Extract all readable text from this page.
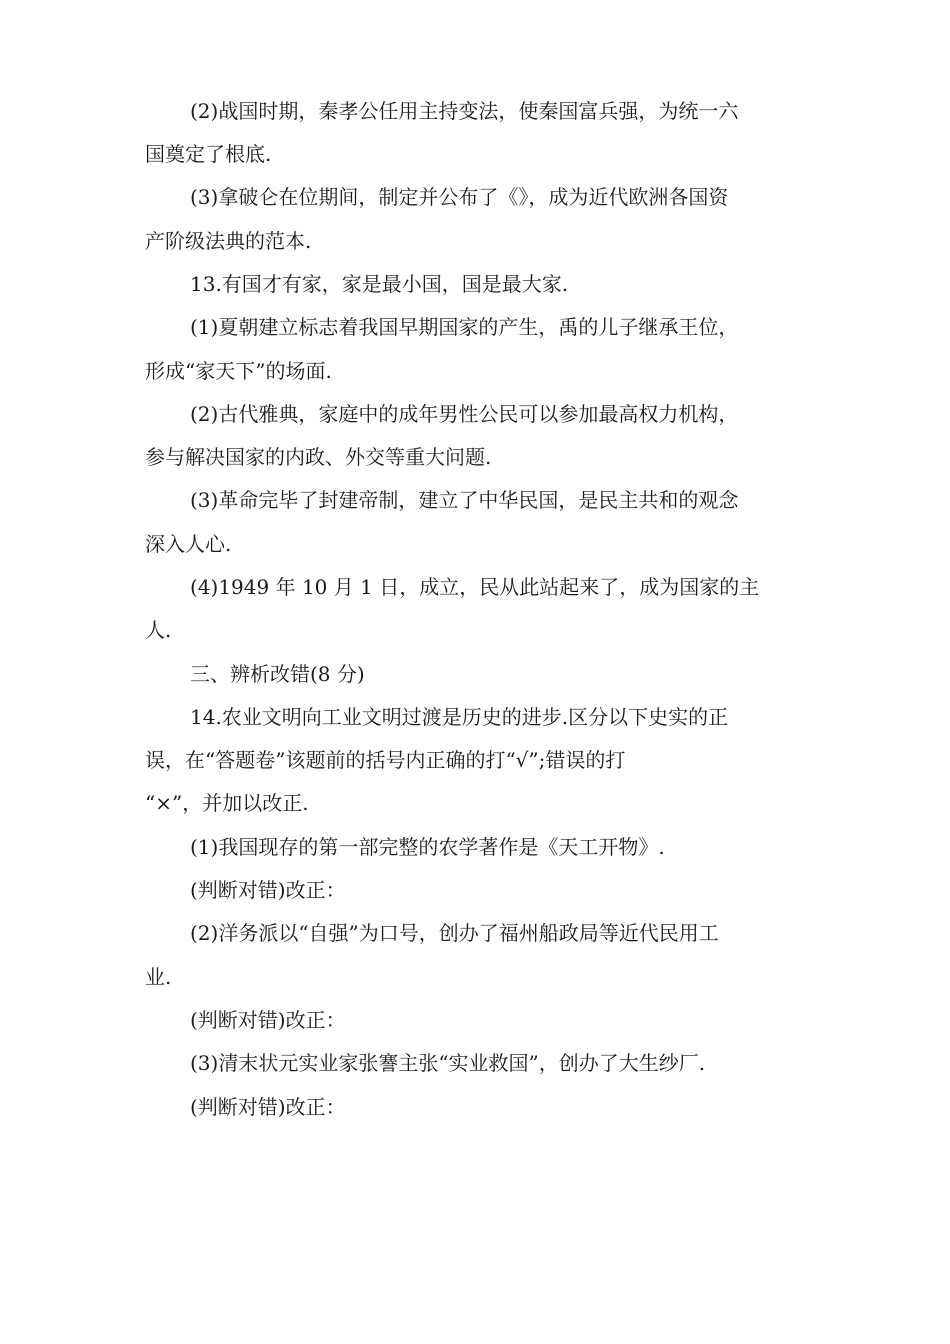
(2)战国时期，秦孝公任用主持变法，使秦国富兵强，为统一六
国奠定了根底.
(3)拿破仑在位期间，制定并公布了《》，成为近代欧洲各国资
产阶级法典的范本.
13.有国才有家，家是最小国，国是最大家.
(1)夏朝建立标志着我国早期国家的产生，禹的儿子继承王位，
形成“家天下”的场面.
(2)古代雅典，家庭中的成年男性公民可以参加最高权力机构，
参与解决国家的内政、外交等重大问题.
(3)革命完毕了封建帝制，建立了中华民国，是民主共和的观念
深入人心.
(4)1949 年 10 月 1 日，成立，民从此站起来了，成为国家的主
人.
三、辨析改错(8 分)
14.农业文明向工业文明过渡是历史的进步.区分以下史实的正
误，在“答题卷”该题前的括号内正确的打“√”;错误的打
“×”，并加以改正.
(1)我国现存的第一部完整的农学著作是《天工开物》.
(判断对错)改正：
(2)洋务派以“自强”为口号，创办了福州船政局等近代民用工
业.
(判断对错)改正：
(3)清末状元实业家张謇主张“实业救国”，创办了大生纱厂.
(判断对错)改正：
